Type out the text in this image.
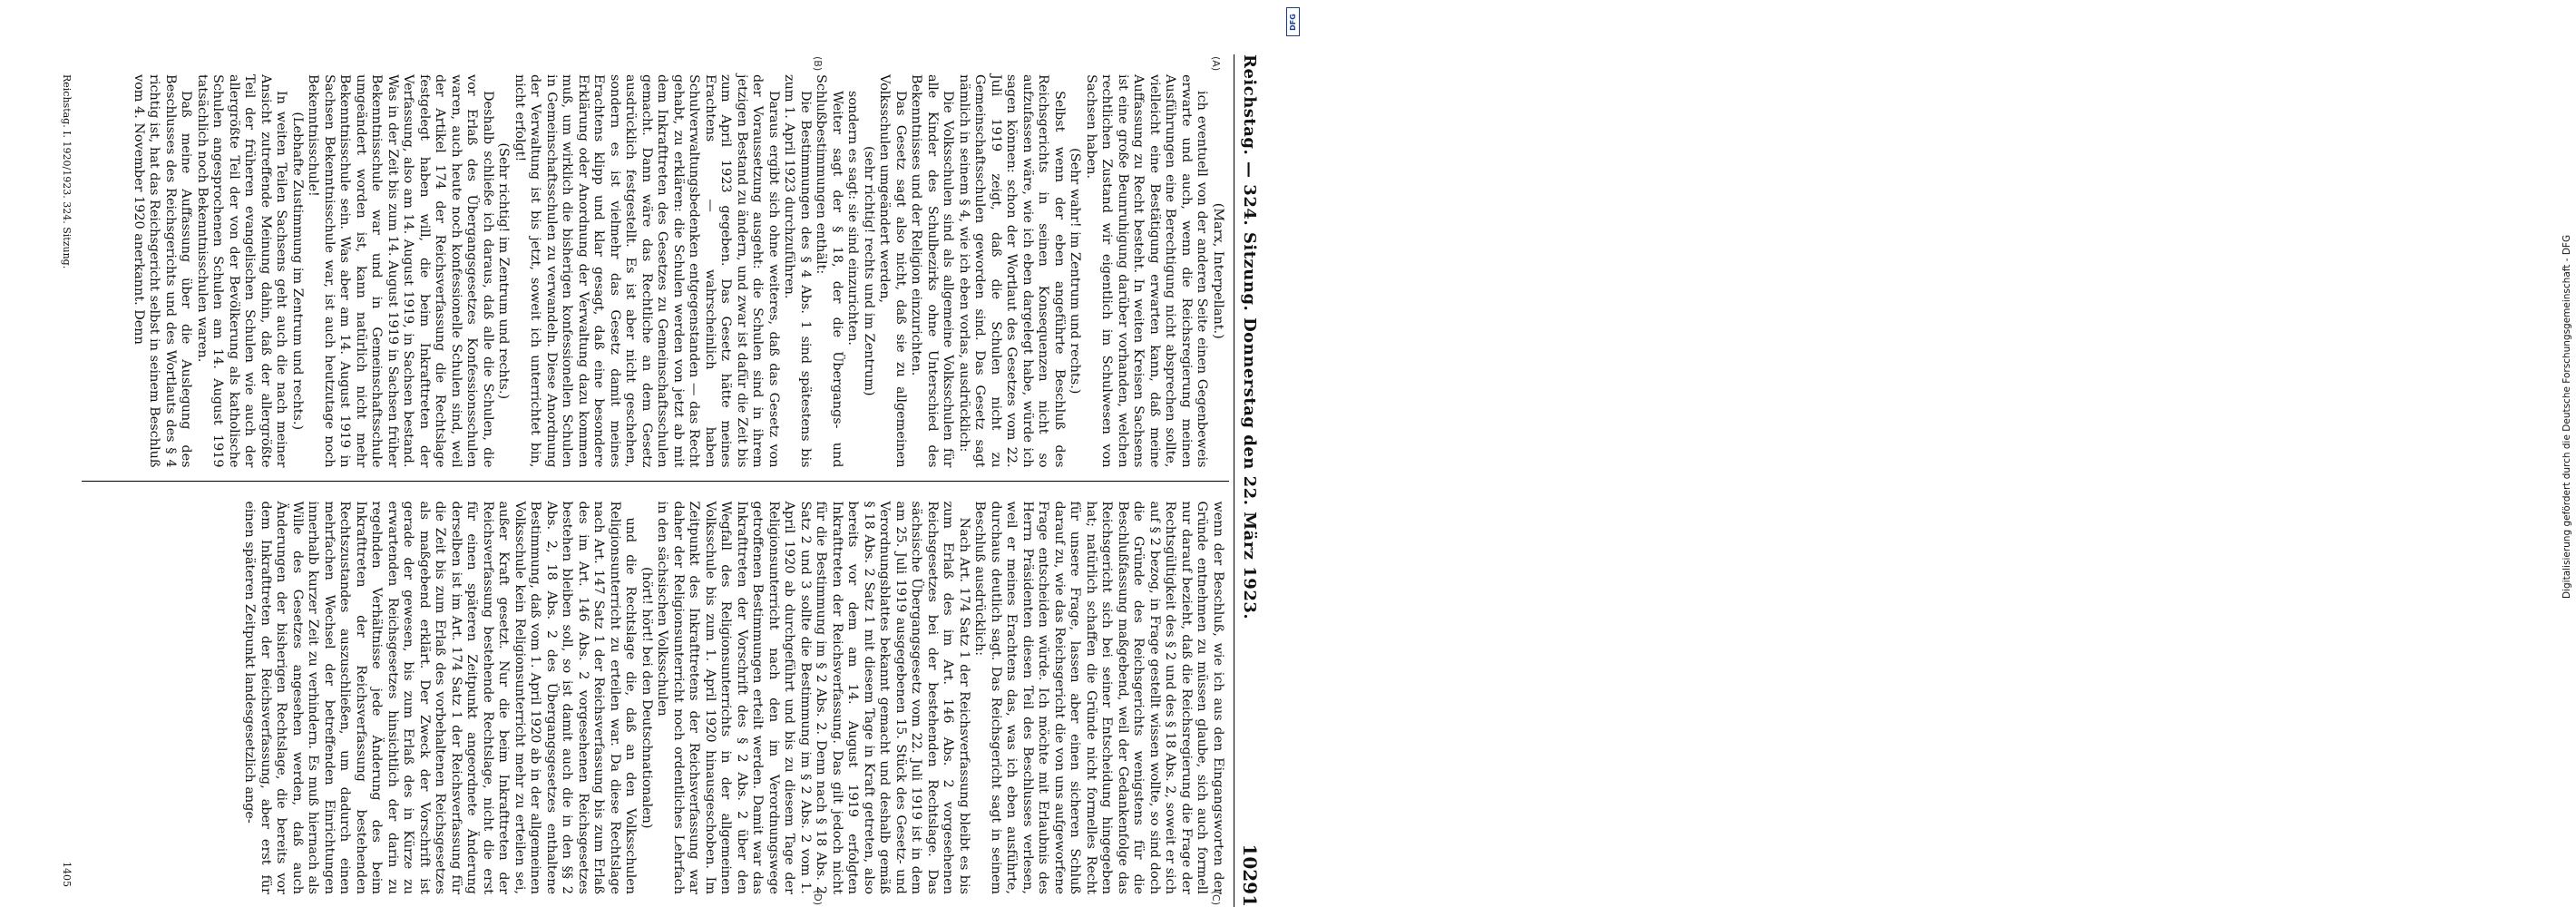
Reichstag. — 324. Sitzung. Donnerstag den 22. März 1923.
10291
(A)
(B)

(Marx, Interpellant.)

ich eventuell von der anderen Seite einen Gegenbeweis erwarte und auch, wenn die Reichsregierung meinen Ausführungen eine Berechtigung nicht absprechen sollte, vielleicht eine Bestätigung erwarten kann, daß meine Auffassung zu Recht besteht. In weiten Kreisen Sachsens ist eine große Beunruhigung darüber vorhanden, welchen rechtlichen Zustand wir eigentlich im Schulwesen von Sachsen haben.

(Sehr wahr! im Zentrum und rechts.)

Selbst wenn der eben angeführte Beschluß des Reichsgerichts in seinen Konsequenzen nicht so aufzufassen wäre, wie ich eben dargelegt habe, würde ich sagen können: schon der Wortlaut des Gesetzes vom 22. Juli 1919 zeigt, daß die Schulen nicht zu Gemeinschaftsschulen geworden sind. Das Gesetz sagt nämlich in seinem § 4, wie ich eben vorlas, ausdrücklich:

Die Volksschulen sind als allgemeine Volksschulen für alle Kinder des Schulbezirks ohne Unterschied des Bekenntnisses und der Religion einzurichten.

Das Gesetz sagt also nicht, daß sie zu allgemeinen Volksschulen umgeändert werden,

(sehr richtig! rechts und im Zentrum)

sondern es sagt: sie sind einzurichten.

Weiter sagt der § 18, der die Übergangs- und Schlußbestimmungen enthält:

Die Bestimmungen des § 4 Abs. 1 sind spätestens bis zum 1. April 1923 durchzuführen.

Daraus ergibt sich ohne weiteres, daß das Gesetz von der Voraussetzung ausgeht: die Schulen sind in ihrem jetzigen Bestand zu ändern, und zwar ist dafür die Zeit bis zum April 1923 gegeben. Das Gesetz hätte meines Erachtens — wahrscheinlich haben Schulverwaltungsbedenken entgegenstanden — das Recht gehabt, zu erklären: die Schulen werden von jetzt ab mit dem Inkrafttreten des Gesetzes zu Gemeinschaftsschulen gemacht. Dann wäre das Rechtliche an dem Gesetz ausdrücklich festgestellt. Es ist aber nicht geschehen, sondern es ist vielmehr das Gesetz damit meines Erachtens klipp und klar gesagt, daß eine besondere Erklärung oder Anordnung der Verwaltung dazu kommen muß, um wirklich die bisherigen konfessionellen Schulen in Gemeinschaftsschulen zu verwandeln. Diese Anordnung der Verwaltung ist bis jetzt, soweit ich unterrichtet bin, nicht erfolgt!

(Sehr richtig! im Zentrum und rechts.)

Deshalb schließe ich daraus, daß alle die Schulen, die vor Erlaß des Übergangsgesetzes Konfessionsschulen waren, auch heute noch konfessionelle Schulen sind, weil der Artikel 174 der Reichsverfassung die Rechtslage festgelegt haben will, die beim Inkrafttreten der Verfassung, also am 14. August 1919, in Sachsen bestand. Was in der Zeit bis zum 14. August 1919 in Sachsen früher Bekenntnisschule war und in Gemeinschaftsschule umgeändert worden ist, kann natürlich nicht mehr Bekenntnisschule sein. Was aber am 14. August 1919 in Sachsen Bekenntnisschule war, ist auch heutzutage noch Bekenntnisschule!

(Lebhafte Zustimmung im Zentrum und rechts.)

In weiten Teilen Sachsens geht auch die nach meiner Ansicht zutreffende Meinung dahin, daß der allergrößte Teil der früheren evangelischen Schulen wie auch der allergrößte Teil der von der Bevölkerung als katholische Schulen angesprochenen Schulen am 14. August 1919 tatsächlich noch Bekenntnisschulen waren.

Daß meine Auffassung über die Auslegung des Beschlusses des Reichsgerichts und des Wortlauts des § 4 richtig ist, hat das Reichsgericht selbst in seinem Beschluß vom 4. November 1920 anerkannt. Denn

(C)
(D)

wenn der Beschluß, wie ich aus den Eingangsworten der Gründe entnehmen zu müssen glaube, sich auch formell nur darauf bezieht, daß die Reichsregierung die Frage der Rechtsgültigkeit des § 2 und des § 18 Abs. 2, soweit er sich auf § 2 bezog, in Frage gestellt wissen wollte, so sind doch die Gründe des Reichsgerichts wenigstens für die Beschlußfassung maßgebend, weil der Gedankenfolge das Reichsgericht sich bei seiner Entscheidung hingegeben hat; natürlich schaffen die Gründe nicht formelles Recht für unsere Frage, lassen aber einen sicheren Schluß darauf zu, wie das Reichsgericht die von uns aufgeworfene Frage entscheiden würde. Ich möchte mit Erlaubnis des Herrn Präsidenten diesen Teil des Beschlusses verlesen, weil er meines Erachtens das, was ich eben ausführte, durchaus deutlich sagt. Das Reichsgericht sagt in seinem Beschluß ausdrücklich:

Nach Art. 174 Satz 1 der Reichsverfassung bleibt es bis zum Erlaß des im Art. 146 Abs. 2 vorgesehenen Reichsgesetzes bei der bestehenden Rechtslage. Das sächsische Übergangsgesetz vom 22. Juli 1919 ist in dem am 25. Juli 1919 ausgegebenen 15. Stück des Gesetz- und Verordnungsblattes bekannt gemacht und deshalb gemäß § 18 Abs. 2 Satz 1 mit diesem Tage in Kraft getreten, also bereits vor dem am 14. August 1919 erfolgten Inkrafttreten der Reichsverfassung. Das gilt jedoch nicht für die Bestimmung im § 2 Abs. 2. Denn nach § 18 Abs. 2 Satz 2 und 3 sollte die Bestimmung im § 2 Abs. 2 vom 1. April 1920 ab durchgeführt und bis zu diesem Tage der Religionsunterricht nach den im Verordnungswege getroffenen Bestimmungen erteilt werden. Damit war das Inkrafttreten der Vorschrift des § 2 Abs. 2 über den Wegfall des Religionsunterrichts in der allgemeinen Volksschule bis zum 1. April 1920 hinausgeschoben. Im Zeitpunkt des Inkrafttretens der Reichsverfassung war daher der Religionsunterricht noch ordentliches Lehrfach in den sächsischen Volksschulen

(hört! hört! bei den Deutschnationalen)

und die Rechtslage die, daß an den Volksschulen Religionsunterricht zu erteilen war. Da diese Rechtslage nach Art. 147 Satz 1 der Reichsverfassung bis zum Erlaß des im Art. 146 Abs. 2 vorgesehenen Reichsgesetzes bestehen bleiben soll, so ist damit auch die in den §§ 2 Abs. 2, 18 Abs. 2 des Übergangsgesetzes enthaltene Bestimmung, daß vom 1. April 1920 ab in der allgemeinen Volksschule kein Religionsunterricht mehr zu erteilen sei, außer Kraft gesetzt. Nur die beim Inkrafttreten der Reichsverfassung bestehende Rechtslage, nicht die erst für einen späteren Zeitpunkt angeordnete Änderung derselben ist im Art. 174 Satz 1 der Reichsverfassung für die Zeit bis zum Erlaß des vorbehaltenen Reichsgesetzes als maßgebend erklärt. Der Zweck der Vorschrift ist gerade der gewesen, bis zum Erlaß des in Kürze zu erwartenden Reichsgesetzes hinsichtlich der darin zu regelnden Verhältnisse jede Änderung des beim Inkrafttreten der Reichsverfassung bestehenden Rechtszustandes auszuschließen, um dadurch einen mehrfachen Wechsel der betreffenden Einrichtungen innerhalb kurzer Zeit zu verhindern. Es muß hiernach als Wille des Gesetzes angesehen werden, daß auch Änderungen der bisherigen Rechtslage, die bereits vor dem Inkrafttreten der Reichsverfassung, aber erst für einen späteren Zeitpunkt landesgesetzlich ange-

Reichstag. I. 1920/1923. 324. Sitzung.
1405
DFG
Digitalisierung gefördert durch die Deutsche Forschungsgemeinschaft - DFG
